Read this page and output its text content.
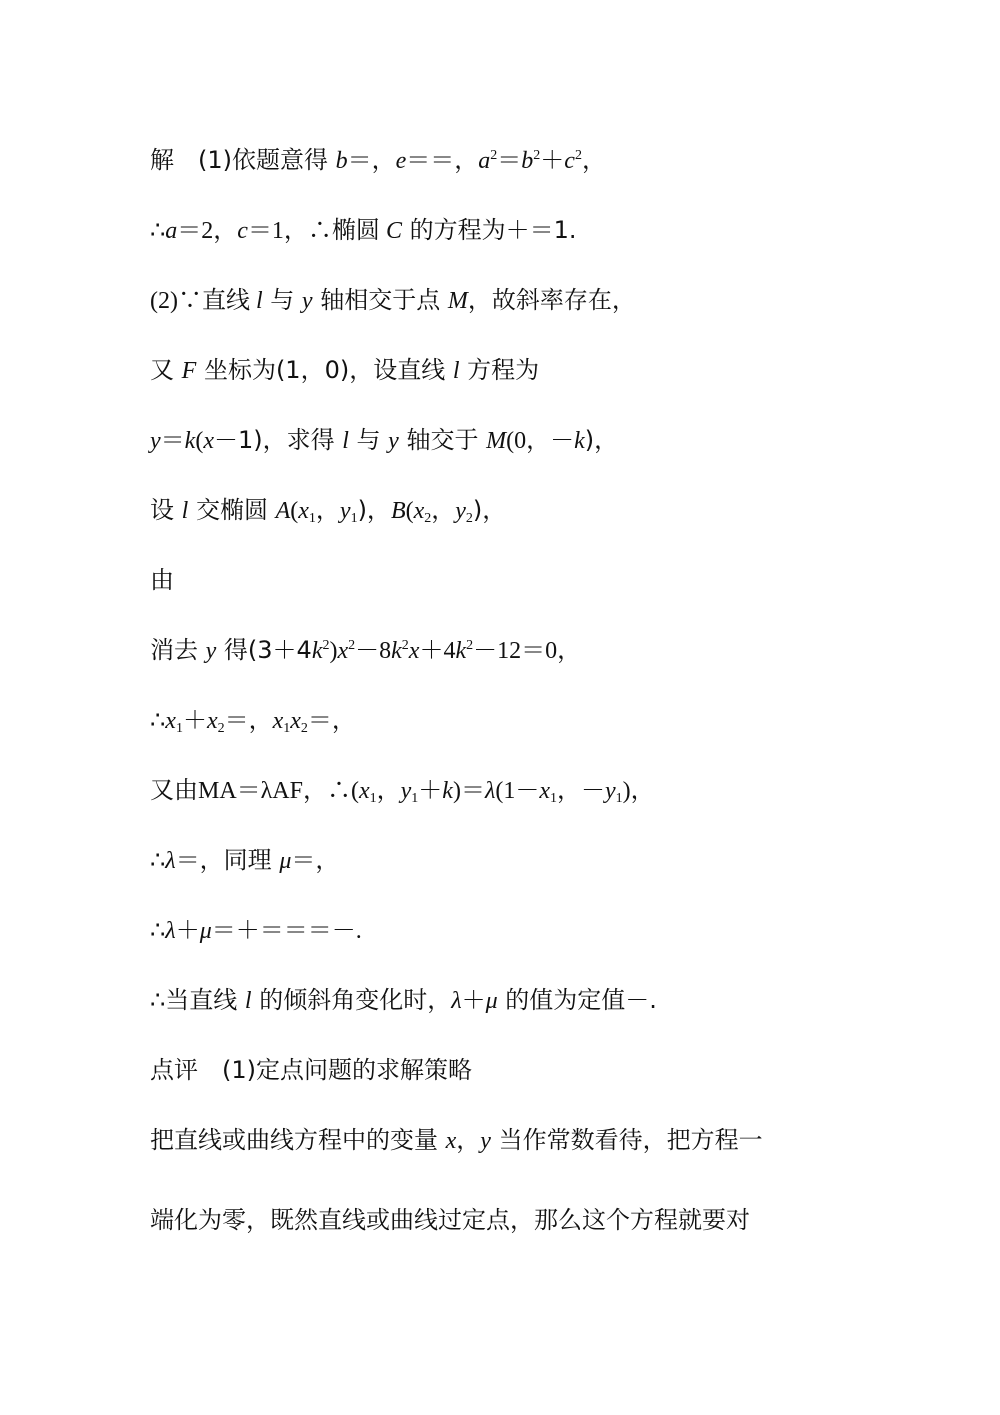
解　(1)依题意得 b＝，e＝＝，$a^2=b^2+c^2$，
∴a＝2，c＝1，∴椭圆 C 的方程为＋＝1.
(2)∵直线 l 与 y 轴相交于点 M，故斜率存在，
又 F 坐标为(1，0)，设直线 l 方程为
y＝k(x－1)，求得 l 与 y 轴交于 M(0，－k)，
设 l 交椭圆 $A(x_1$，$y_1$)，$B(x_2$，$y_2$)，
由
消去 y 得$(3+4k^2)x^2-8k^2x+4k^2-12=0$，
$\therefore x_1+x_2=$，$x_1x_2=$，
又由MA＝λAF，$\therefore(x_1$，$y_1+k)=\lambda(1-x_1$，$-y_1$)，
∴λ＝，同理 μ＝，
∴λ＋μ＝＋＝＝＝－.
∴当直线 l 的倾斜角变化时，λ＋μ 的值为定值－.
点评　(1)定点问题的求解策略
把直线或曲线方程中的变量 x，y 当作常数看待，把方程一
端化为零，既然直线或曲线过定点，那么这个方程就要对
